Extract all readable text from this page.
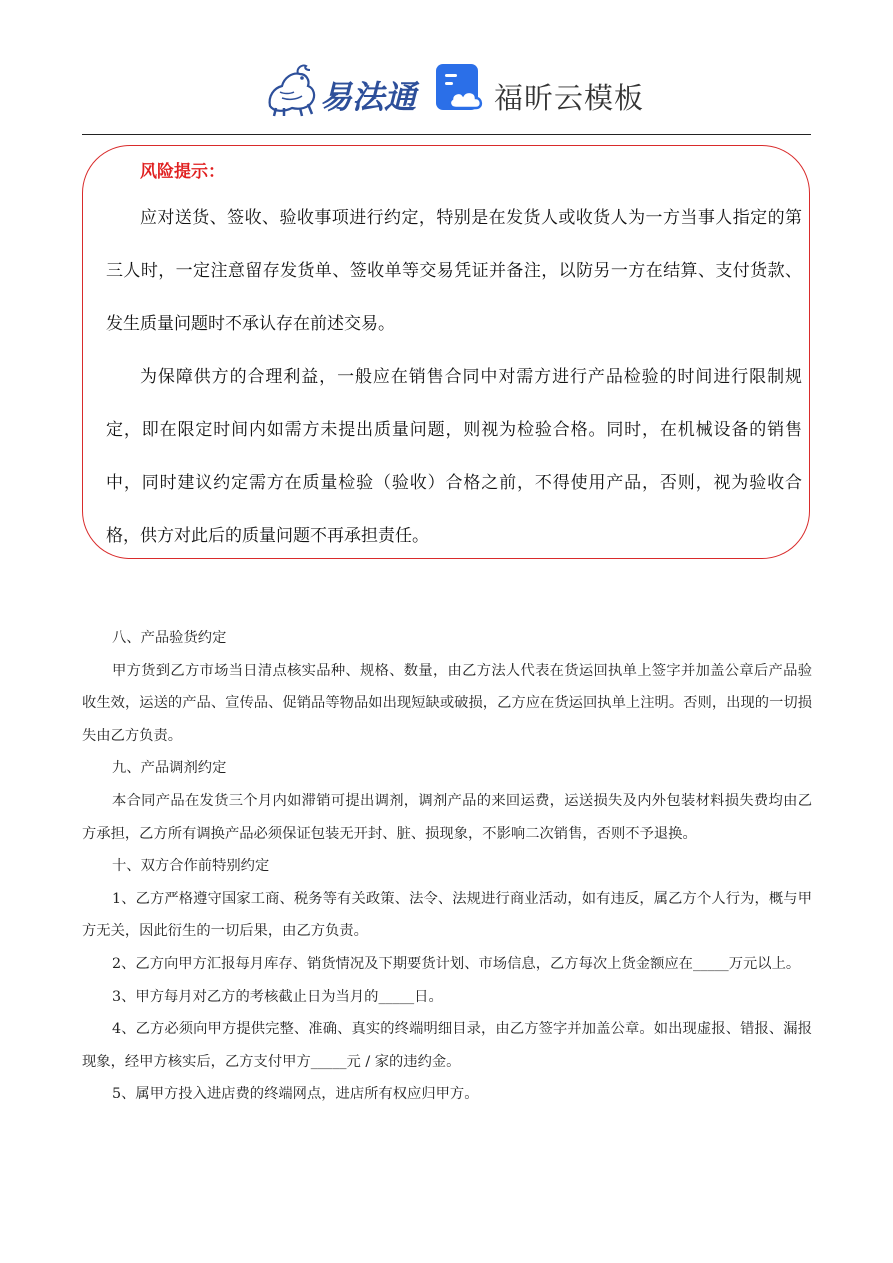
易法通	福昕云模板
风险提示：

应对送货、签收、验收事项进行约定，特别是在发货人或收货人为一方当事人指定的第三人时，一定注意留存发货单、签收单等交易凭证并备注，以防另一方在结算、支付货款、发生质量问题时不承认存在前述交易。

为保障供方的合理利益，一般应在销售合同中对需方进行产品检验的时间进行限制规定，即在限定时间内如需方未提出质量问题，则视为检验合格。同时，在机械设备的销售中，同时建议约定需方在质量检验（验收）合格之前，不得使用产品，否则，视为验收合格，供方对此后的质量问题不再承担责任。

八、产品验货约定

甲方货到乙方市场当日清点核实品种、规格、数量，由乙方法人代表在货运回执单上签字并加盖公章后产品验收生效，运送的产品、宣传品、促销品等物品如出现短缺或破损，乙方应在货运回执单上注明。否则，出现的一切损失由乙方负责。

九、产品调剂约定

本合同产品在发货三个月内如滞销可提出调剂，调剂产品的来回运费，运送损失及内外包装材料损失费均由乙方承担，乙方所有调换产品必须保证包装无开封、脏、损现象，不影响二次销售，否则不予退换。

十、双方合作前特别约定

1、乙方严格遵守国家工商、税务等有关政策、法令、法规进行商业活动，如有违反，属乙方个人行为，概与甲方无关，因此衍生的一切后果，由乙方负责。

2、乙方向甲方汇报每月库存、销货情况及下期要货计划、市场信息，乙方每次上货金额应在_____万元以上。

3、甲方每月对乙方的考核截止日为当月的_____日。

4、乙方必须向甲方提供完整、准确、真实的终端明细目录，由乙方签字并加盖公章。如出现虚报、错报、漏报现象，经甲方核实后，乙方支付甲方_____元 / 家的违约金。

5、属甲方投入进店费的终端网点，进店所有权应归甲方。
